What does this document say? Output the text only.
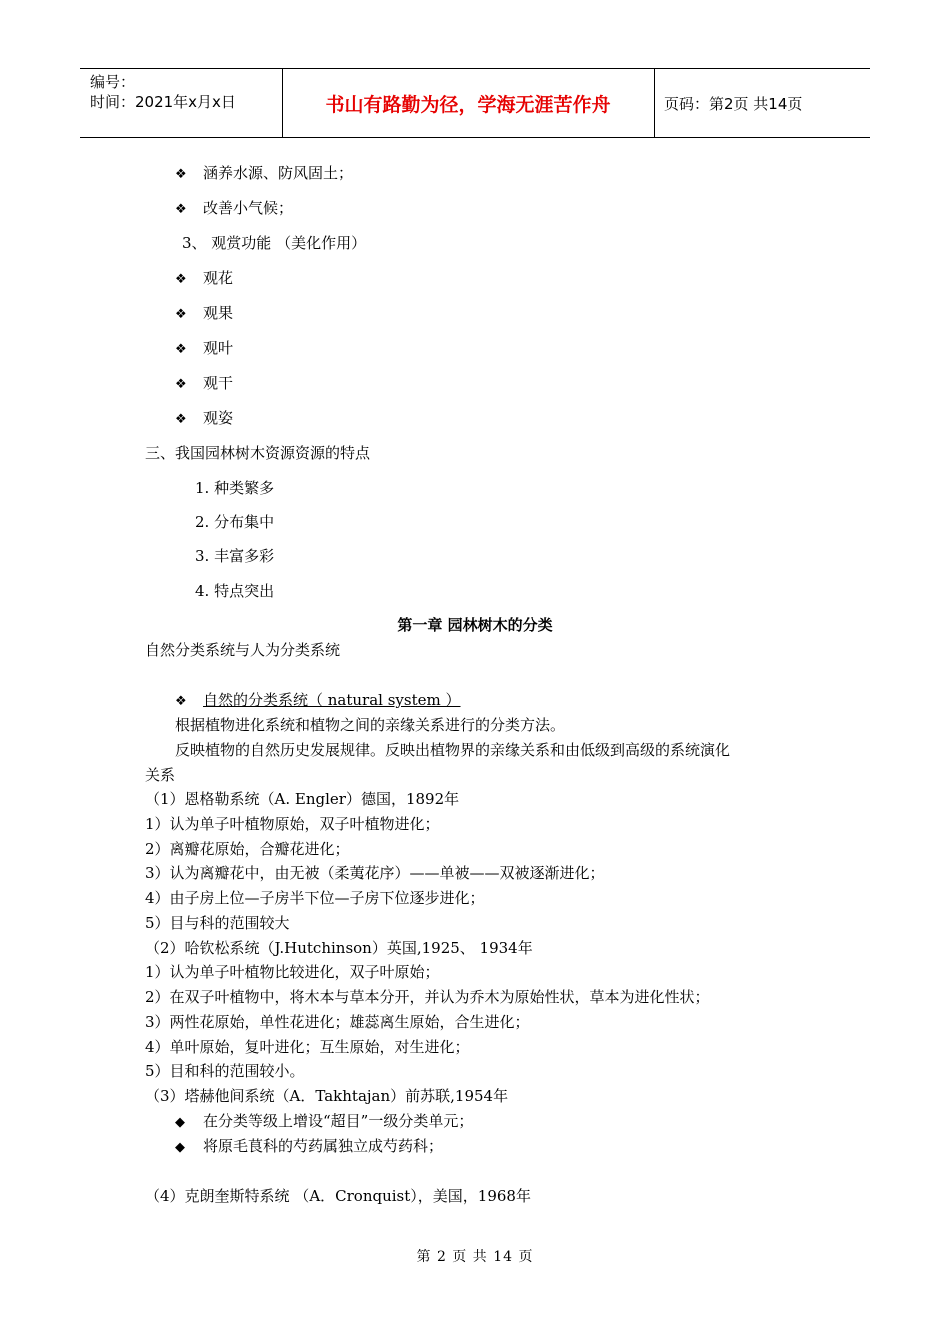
编号：
时间：2021年x月x日	书山有路勤为径，学海无涯苦作舟	页码：第2页 共14页
❖ 涵养水源、防风固土；
❖ 改善小气候；
3、 观赏功能 （美化作用）
❖ 观花
❖ 观果
❖ 观叶
❖ 观干
❖ 观姿
三、我国园林树木资源资源的特点
1. 种类繁多
2. 分布集中
3. 丰富多彩
4. 特点突出
第一章 园林树木的分类
自然分类系统与人为分类系统
❖ 自然的分类系统（ natural system ）
根据植物进化系统和植物之间的亲缘关系进行的分类方法。
反映植物的自然历史发展规律。反映出植物界的亲缘关系和由低级到高级的系统演化
关系
（1）恩格勒系统（A. Engler）德国，1892年
1）认为单子叶植物原始，双子叶植物进化；
2）离瓣花原始，合瓣花进化；
3）认为离瓣花中，由无被（柔荑花序）——单被——双被逐渐进化；
4）由子房上位—子房半下位—子房下位逐步进化；
5）目与科的范围较大
（2）哈钦松系统（J.Hutchinson）英国,1925、 1934年
1）认为单子叶植物比较进化，双子叶原始；
2）在双子叶植物中，将木本与草本分开，并认为乔木为原始性状，草本为进化性状；
3）两性花原始，单性花进化；雄蕊离生原始，合生进化；
4）单叶原始，复叶进化；互生原始，对生进化；
5）目和科的范围较小。
（3）塔赫他间系统（A．Takhtajan）前苏联,1954年
◆ 在分类等级上增设“超目”一级分类单元；
◆ 将原毛茛科的芍药属独立成芍药科；
（4）克朗奎斯特系统 （A．Cronquist），美国，1968年
第 2 页 共 14 页
